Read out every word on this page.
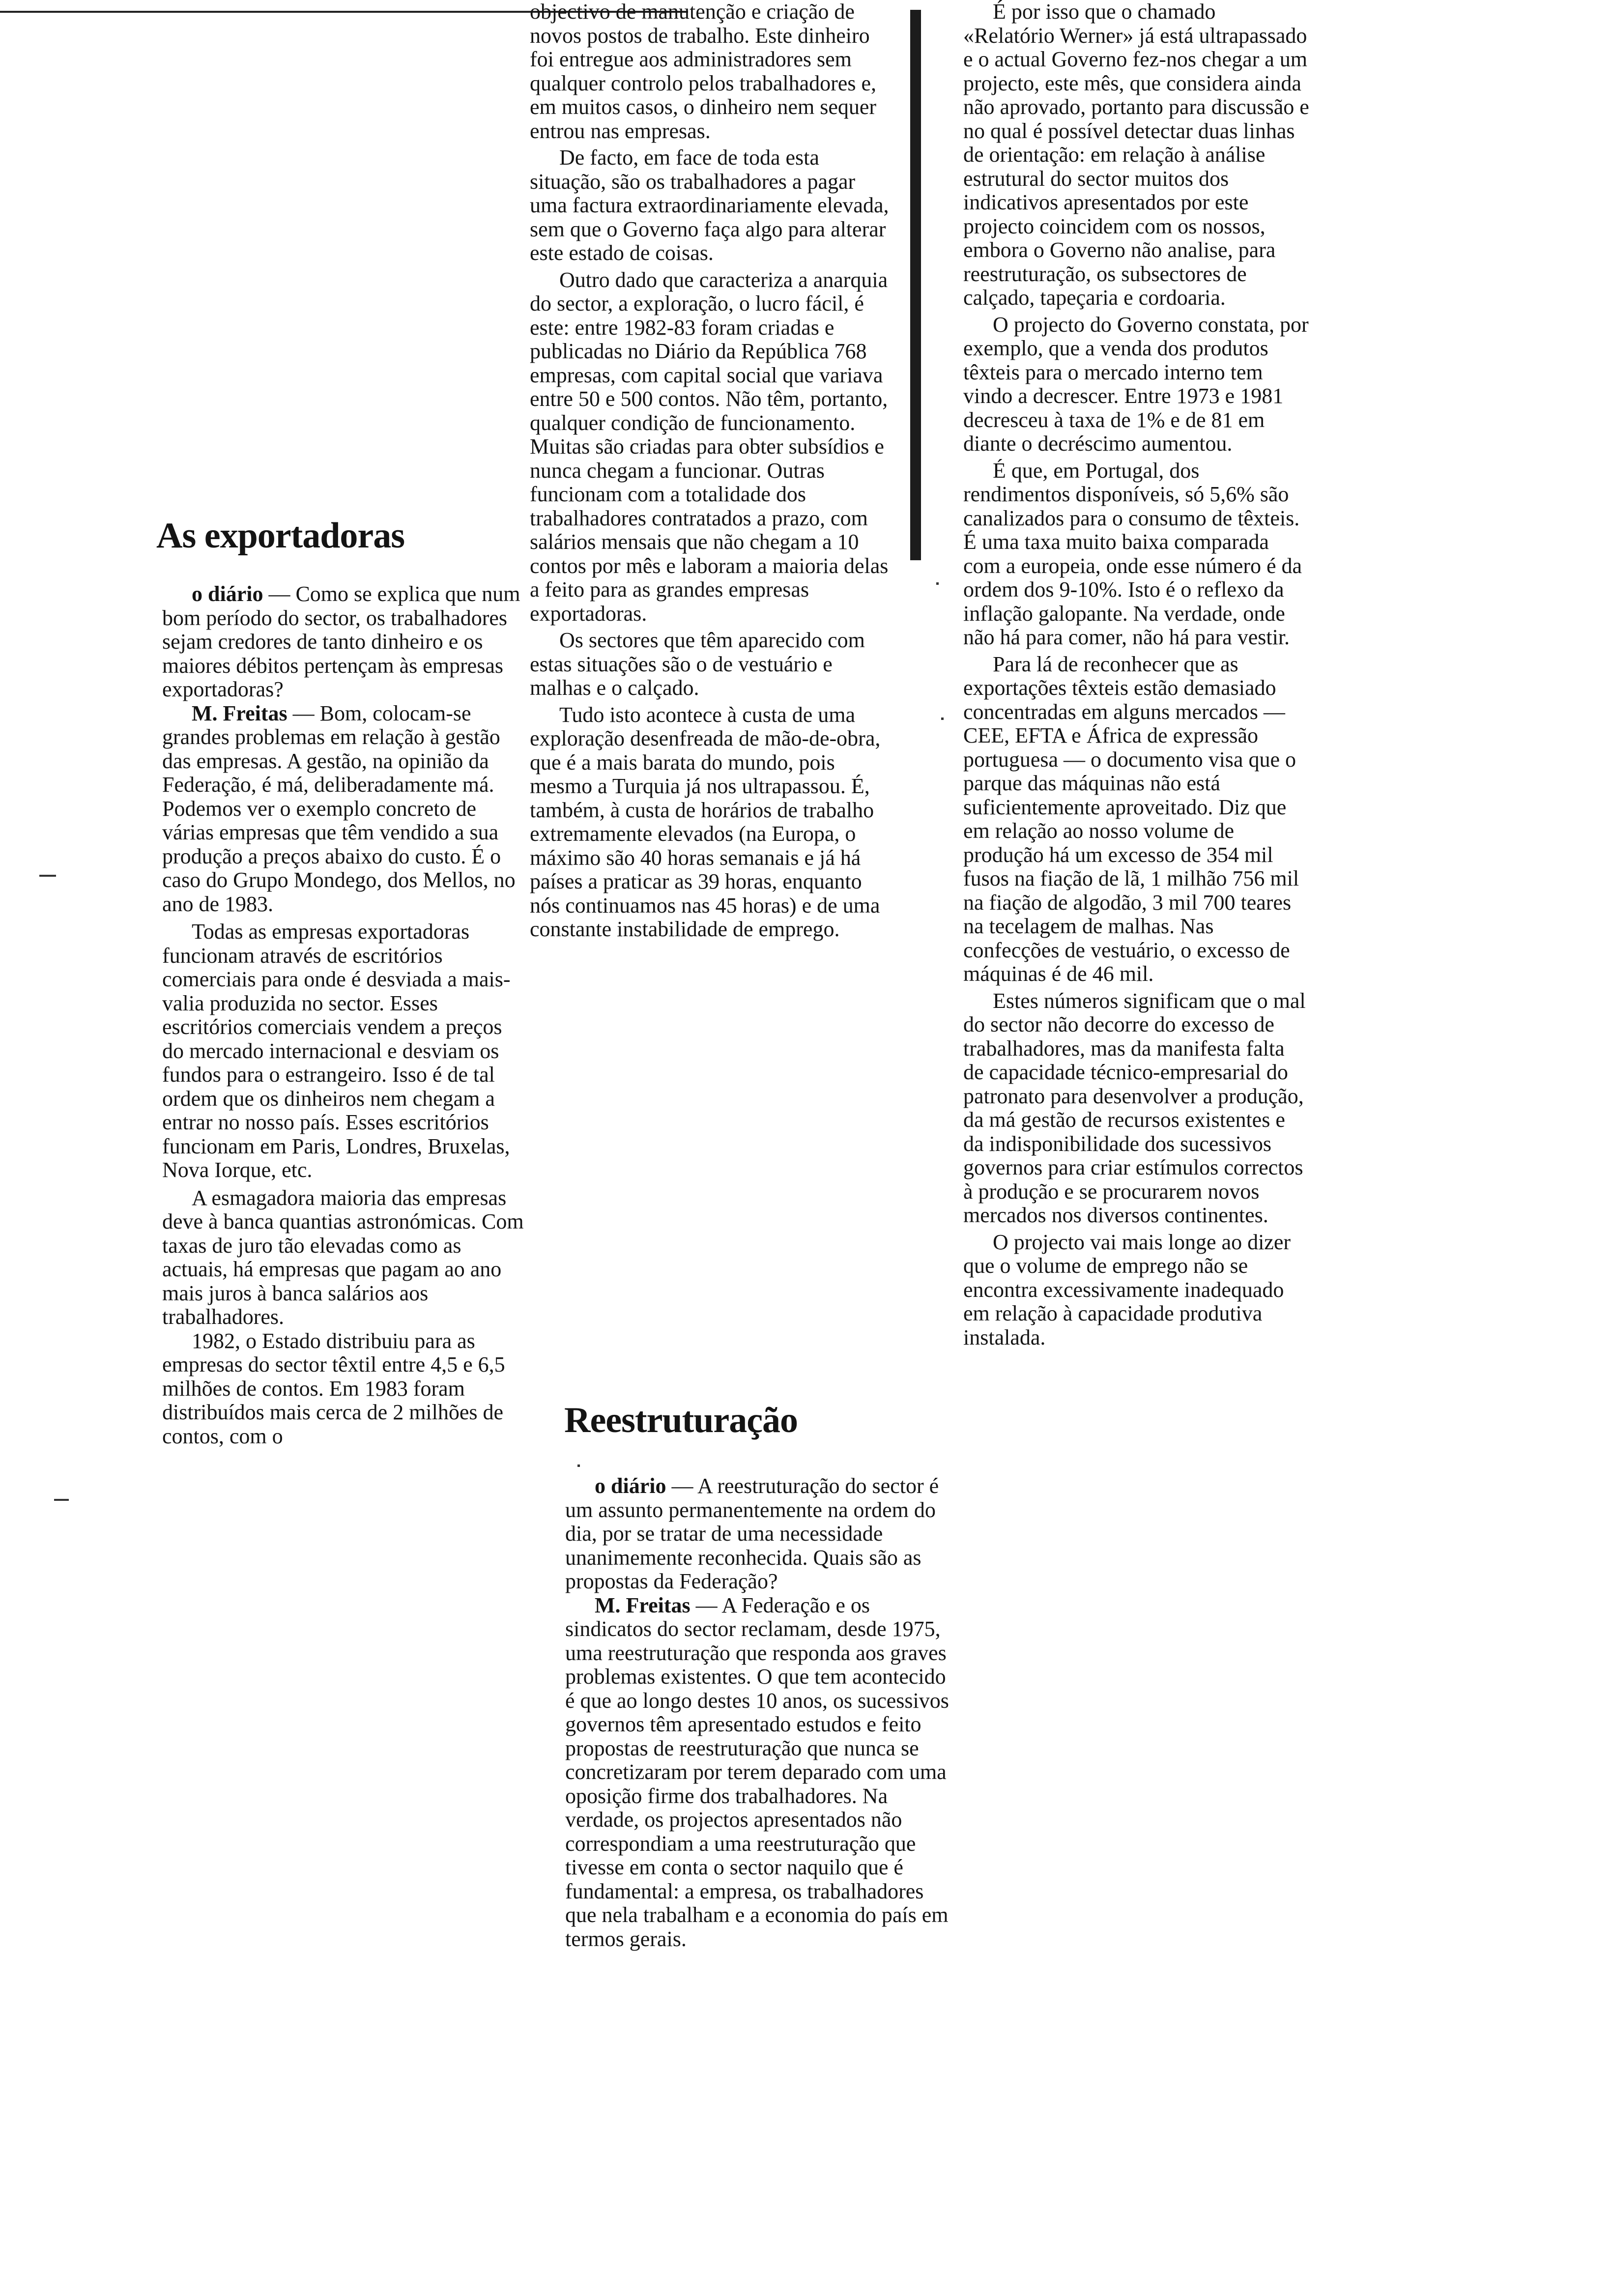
As exportadoras

o diário — Como se explica que num bom período do sector, os trabalhadores sejam credores de tanto dinheiro e os maiores débitos pertençam às empresas exportadoras?

M. Freitas — Bom, colocam-se grandes problemas em relação à gestão das empresas. A gestão, na opinião da Federação, é má, deliberadamente má. Podemos ver o exemplo concreto de várias empresas que têm vendido a sua produção a preços abaixo do custo. É o caso do Grupo Mondego, dos Mellos, no ano de 1983.

Todas as empresas exportadoras funcionam através de escritórios comerciais para onde é desviada a mais-valia produzida no sector. Esses escritórios comerciais vendem a preços do mercado internacional e desviam os fundos para o estrangeiro. Isso é de tal ordem que os dinheiros nem chegam a entrar no nosso país. Esses escritórios funcionam em Paris, Londres, Bruxelas, Nova Iorque, etc.

A esmagadora maioria das empresas deve à banca quantias astronómicas. Com taxas de juro tão elevadas como as actuais, há empresas que pagam ao ano mais juros à banca salários aos trabalhadores.

1982, o Estado distribuiu para as empresas do sector têxtil entre 4,5 e 6,5 milhões de contos. Em 1983 foram distribuídos mais cerca de 2 milhões de contos, com o

objectivo de manutenção e criação de novos postos de trabalho. Este dinheiro foi entregue aos administradores sem qualquer controlo pelos trabalhadores e, em muitos casos, o dinheiro nem sequer entrou nas empresas.

De facto, em face de toda esta situação, são os trabalhadores a pagar uma factura extraordinariamente elevada, sem que o Governo faça algo para alterar este estado de coisas.

Outro dado que caracteriza a anarquia do sector, a exploração, o lucro fácil, é este: entre 1982-83 foram criadas e publicadas no Diário da República 768 empresas, com capital social que variava entre 50 e 500 contos. Não têm, portanto, qualquer condição de funcionamento. Muitas são criadas para obter subsídios e nunca chegam a funcionar. Outras funcionam com a totalidade dos trabalhadores contratados a prazo, com salários mensais que não chegam a 10 contos por mês e laboram a maioria delas a feito para as grandes empresas exportadoras.

Os sectores que têm aparecido com estas situações são o de vestuário e malhas e o calçado.

Tudo isto acontece à custa de uma exploração desenfreada de mão-de-obra, que é a mais barata do mundo, pois mesmo a Turquia já nos ultrapassou. É, também, à custa de horários de trabalho extremamente elevados (na Europa, o máximo são 40 horas semanais e já há países a praticar as 39 horas, enquanto nós continuamos nas 45 horas) e de uma constante instabilidade de emprego.

Reestruturação

o diário — A reestruturação do sector é um assunto permanentemente na ordem do dia, por se tratar de uma necessidade unanimemente reconhecida. Quais são as propostas da Federação?

M. Freitas — A Federação e os sindicatos do sector reclamam, desde 1975, uma reestruturação que responda aos graves problemas existentes. O que tem acontecido é que ao longo destes 10 anos, os sucessivos governos têm apresentado estudos e feito propostas de reestruturação que nunca se concretizaram por terem deparado com uma oposição firme dos trabalhadores. Na verdade, os projectos apresentados não correspondiam a uma reestruturação que tivesse em conta o sector naquilo que é fundamental: a empresa, os trabalhadores que nela trabalham e a economia do país em termos gerais.

É por isso que o chamado «Relatório Werner» já está ultrapassado e o actual Governo fez-nos chegar a um projecto, este mês, que considera ainda não aprovado, portanto para discussão e no qual é possível detectar duas linhas de orientação: em relação à análise estrutural do sector muitos dos indicativos apresentados por este projecto coincidem com os nossos, embora o Governo não analise, para reestruturação, os subsectores de calçado, tapeçaria e cordoaria.

O projecto do Governo constata, por exemplo, que a venda dos produtos têxteis para o mercado interno tem vindo a decrescer. Entre 1973 e 1981 decresceu à taxa de 1% e de 81 em diante o decréscimo aumentou.

É que, em Portugal, dos rendimentos disponíveis, só 5,6% são canalizados para o consumo de têxteis. É uma taxa muito baixa comparada com a europeia, onde esse número é da ordem dos 9-10%. Isto é o reflexo da inflação galopante. Na verdade, onde não há para comer, não há para vestir.

Para lá de reconhecer que as exportações têxteis estão demasiado concentradas em alguns mercados — CEE, EFTA e África de expressão portuguesa — o documento visa que o parque das máquinas não está suficientemente aproveitado. Diz que em relação ao nosso volume de produção há um excesso de 354 mil fusos na fiação de lã, 1 milhão 756 mil na fiação de algodão, 3 mil 700 teares na tecelagem de malhas. Nas confecções de vestuário, o excesso de máquinas é de 46 mil.

Estes números significam que o mal do sector não decorre do excesso de trabalhadores, mas da manifesta falta de capacidade técnico-empresarial do patronato para desenvolver a produção, da má gestão de recursos existentes e da indisponibilidade dos sucessivos governos para criar estímulos correctos à produção e se procurarem novos mercados nos diversos continentes.

O projecto vai mais longe ao dizer que o volume de emprego não se encontra excessivamente inadequado em relação à capacidade produtiva instalada.
